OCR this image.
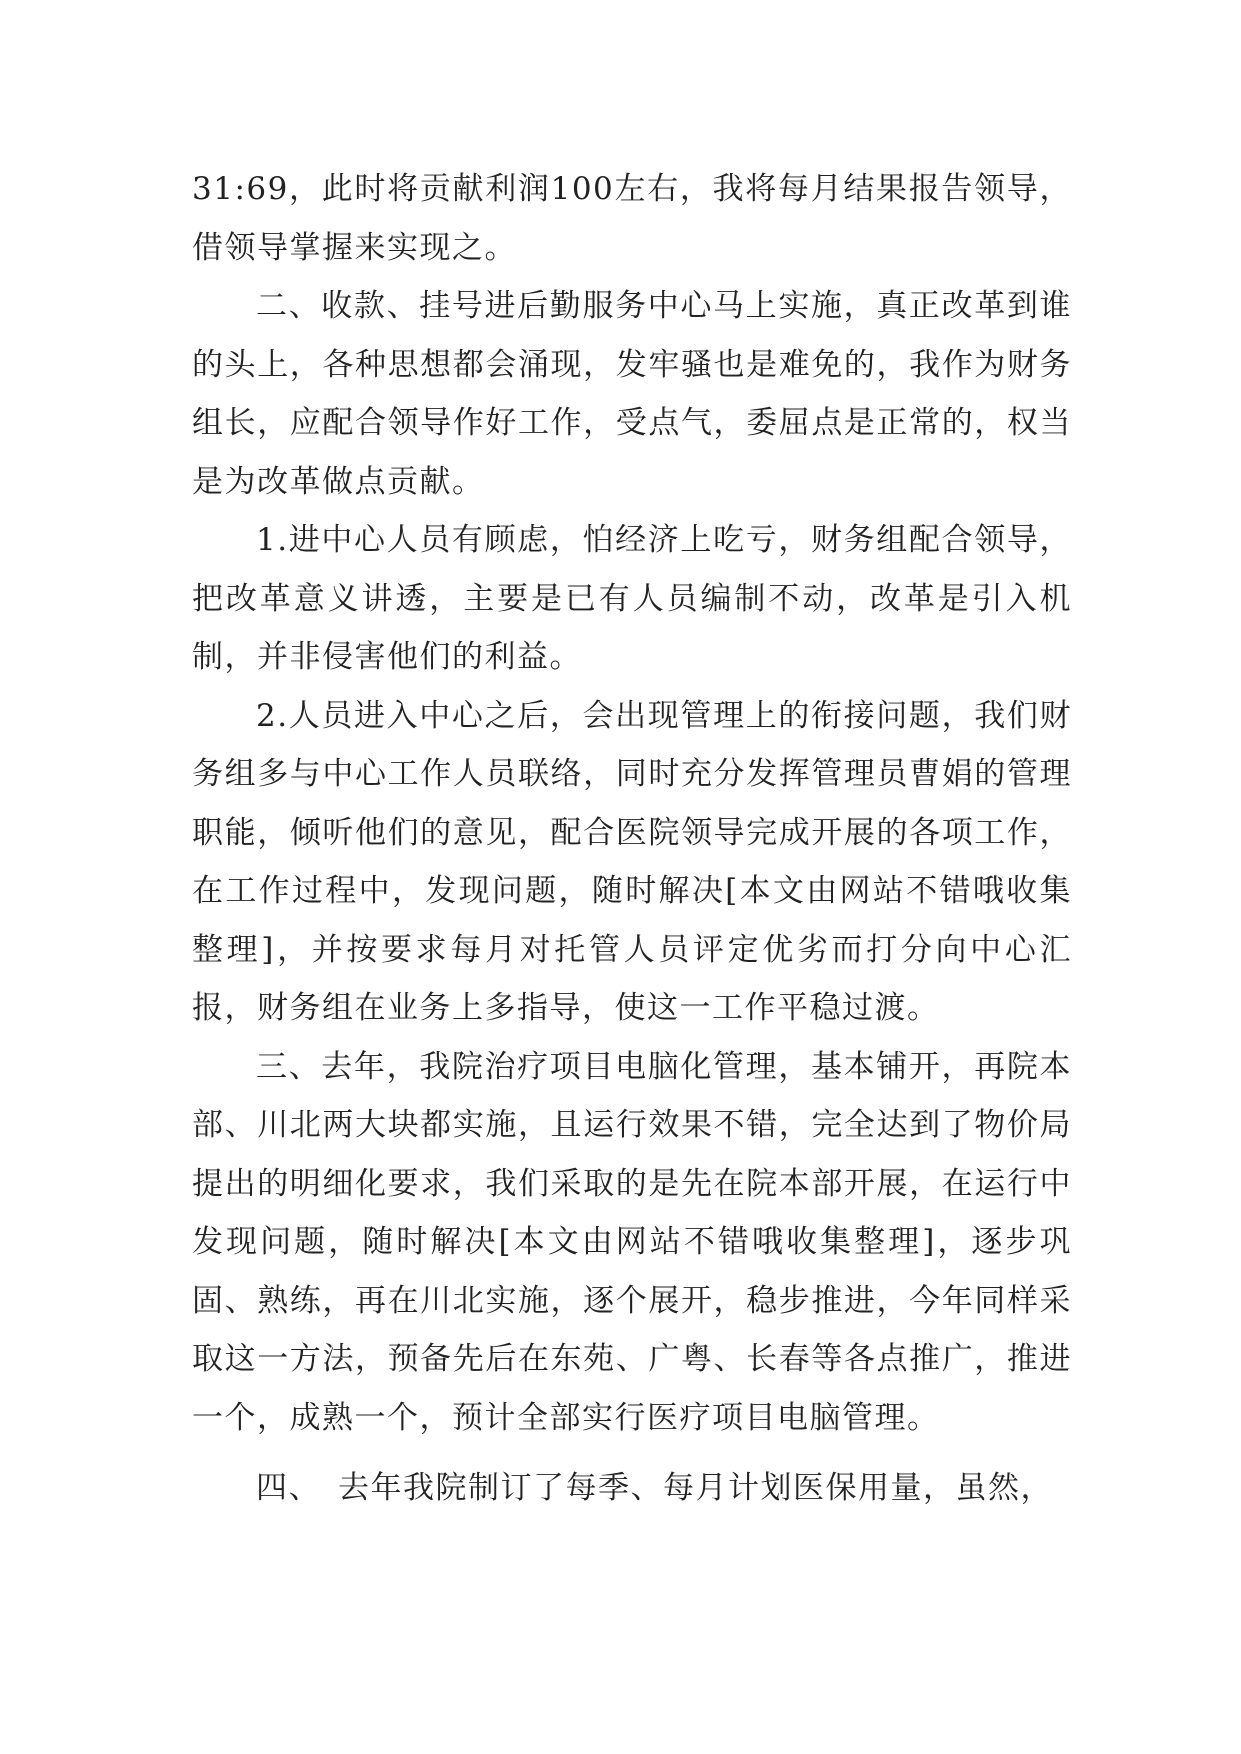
31:69，此时将贡献利润100左右，我将每月结果报告领导，借领导掌握来实现之。

二、收款、挂号进后勤服务中心马上实施，真正改革到谁的头上，各种思想都会涌现，发牢骚也是难免的，我作为财务组长，应配合领导作好工作，受点气，委屈点是正常的，权当是为改革做点贡献。

1.进中心人员有顾虑，怕经济上吃亏，财务组配合领导，把改革意义讲透，主要是已有人员编制不动，改革是引入机制，并非侵害他们的利益。

2.人员进入中心之后，会出现管理上的衔接问题，我们财务组多与中心工作人员联络，同时充分发挥管理员曹娟的管理职能，倾听他们的意见，配合医院领导完成开展的各项工作，在工作过程中，发现问题，随时解决[本文由网站不错哦收集整理]，并按要求每月对托管人员评定优劣而打分向中心汇报，财务组在业务上多指导，使这一工作平稳过渡。

三、去年，我院治疗项目电脑化管理，基本铺开，再院本部、川北两大块都实施，且运行效果不错，完全达到了物价局提出的明细化要求，我们采取的是先在院本部开展，在运行中发现问题，随时解决[本文由网站不错哦收集整理]，逐步巩固、熟练，再在川北实施，逐个展开，稳步推进，今年同样采取这一方法，预备先后在东苑、广粤、长春等各点推广，推进一个，成熟一个，预计全部实行医疗项目电脑管理。

四、　去年我院制订了每季、每月计划医保用量，虽然，
